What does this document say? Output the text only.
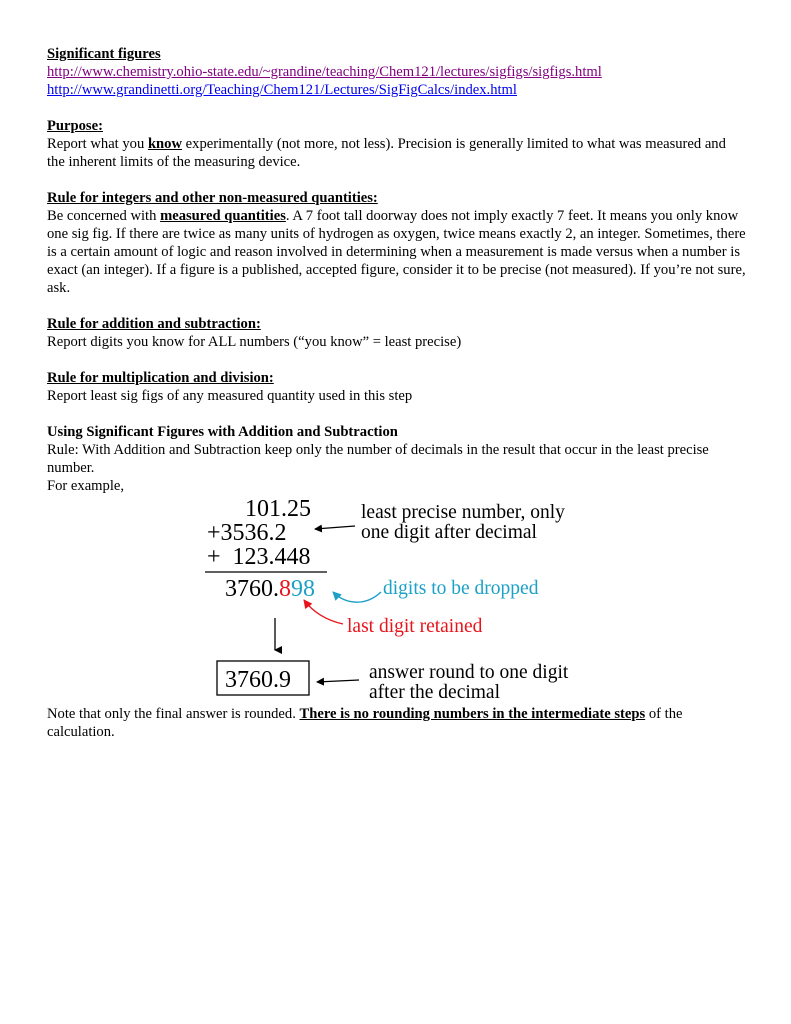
Significant figures

http://www.chemistry.ohio-state.edu/~grandine/teaching/Chem121/lectures/sigfigs/sigfigs.html
http://www.grandinetti.org/Teaching/Chem121/Lectures/SigFigCalcs/index.html

Purpose:

Report what you know experimentally (not more, not less). Precision is generally limited to what was measured and the inherent limits of the measuring device.

Rule for integers and other non-measured quantities:

Be concerned with measured quantities. A 7 foot tall doorway does not imply exactly 7 feet. It means you only know one sig fig. If there are twice as many units of hydrogen as oxygen, twice means exactly 2, an integer. Sometimes, there is a certain amount of logic and reason involved in determining when a measurement is made versus when a number is exact (an integer). If a figure is a published, accepted figure, consider it to be precise (not measured). If you’re not sure, ask.

Rule for addition and subtraction:

Report digits you know for ALL numbers (“you know” = least precise)

Rule for multiplication and division:

Report least sig figs of any measured quantity used in this step

Using Significant Figures with Addition and Subtraction

Rule: With Addition and Subtraction keep only the number of decimals in the result that occur in the least precise number.

For example,

101.25
+3536.2
+  123.448
3760.898
3760.9
least precise number, only
one digit after decimal
digits to be dropped
last digit retained
answer round to one digit
after the decimal

Note that only the final answer is rounded. There is no rounding numbers in the intermediate steps of the calculation.
